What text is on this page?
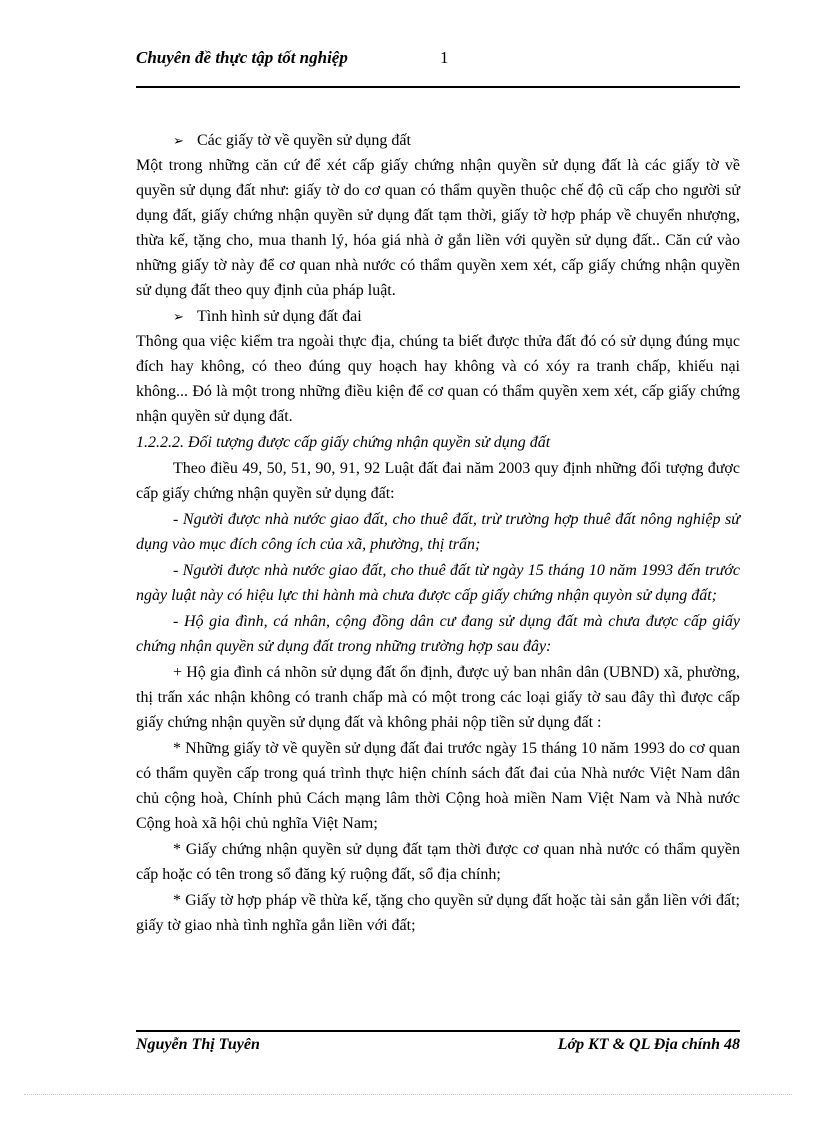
Chuyên đề thực tập tốt nghiệp	1

➢ Các giấy tờ về quyền sử dụng đất

Một trong những căn cứ để xét cấp giấy chứng nhận quyền sử dụng đất là các giấy tờ về quyền sử dụng đất như: giấy tờ do cơ quan có thẩm quyền thuộc chế độ cũ cấp cho người sử dụng đất, giấy chứng nhận quyền sử dụng đất tạm thời, giấy tờ hợp pháp về chuyển nhượng, thừa kế, tặng cho, mua thanh lý, hóa giá nhà ở gắn liền với quyền sử dụng đất.. Căn cứ vào những giấy tờ này để cơ quan nhà nước có thẩm quyền xem xét, cấp giấy chứng nhận quyền sử dụng đất theo quy định của pháp luật.

➢ Tình hình sử dụng đất đai

Thông qua việc kiểm tra ngoài thực địa, chúng ta biết được thửa đất đó có sử dụng đúng mục đích hay không, có theo đúng quy hoạch hay không và có xóy ra tranh chấp, khiếu nại không... Đó là một trong những điều kiện để cơ quan có thẩm quyền xem xét, cấp giấy chứng nhận quyền sử dụng đất.

1.2.2.2. Đối tượng được cấp giấy chứng nhận quyền sử dụng đất

Theo điều 49, 50, 51, 90, 91, 92 Luật đất đai năm 2003 quy định những đối tượng được cấp giấy chứng nhận quyền sử dụng đất:

- Người được nhà nước giao đất, cho thuê đất, trừ trường hợp thuê đất nông nghiệp sử dụng vào mục đích công ích của xã, phường, thị trấn;

- Người được nhà nước giao đất, cho thuê đất từ ngày 15 tháng 10 năm 1993 đến trước ngày luật này có hiệu lực thi hành mà chưa được cấp giấy chứng nhận quyòn sử dụng đất;

- Hộ gia đình, cá nhân, cộng đồng dân cư đang sử dụng đất mà chưa được cấp giấy chứng nhận quyền sử dụng đất trong những trường hợp sau đây:

+ Hộ gia đình cá nhõn sử dụng đất ổn định, được uỷ ban nhân dân (UBND) xã, phường, thị trấn xác nhận không có tranh chấp mà có một trong các loại giấy tờ sau đây thì được cấp giấy chứng nhận quyền sử dụng đất và không phải nộp tiền sử dụng đất :

* Những giấy tờ về quyền sử dụng đất đai trước ngày 15 tháng 10 năm 1993 do cơ quan có thẩm quyền cấp trong quá trình thực hiện chính sách đất đai của Nhà nước Việt Nam dân chủ cộng hoà, Chính phủ Cách mạng lâm thời Cộng hoà miền Nam Việt Nam và Nhà nước Cộng hoà xã hội chủ nghĩa Việt Nam;

* Giấy chứng nhận quyền sử dụng đất tạm thời được cơ quan nhà nước có thẩm quyền cấp hoặc có tên trong sổ đăng ký ruộng đất, sổ địa chính;

* Giấy tờ hợp pháp về thừa kế, tặng cho quyền sử dụng đất hoặc tài sản gắn liền với đất; giấy tờ giao nhà tình nghĩa gắn liền với đất;

Nguyễn Thị Tuyên	Lớp KT & QL Địa chính 48
